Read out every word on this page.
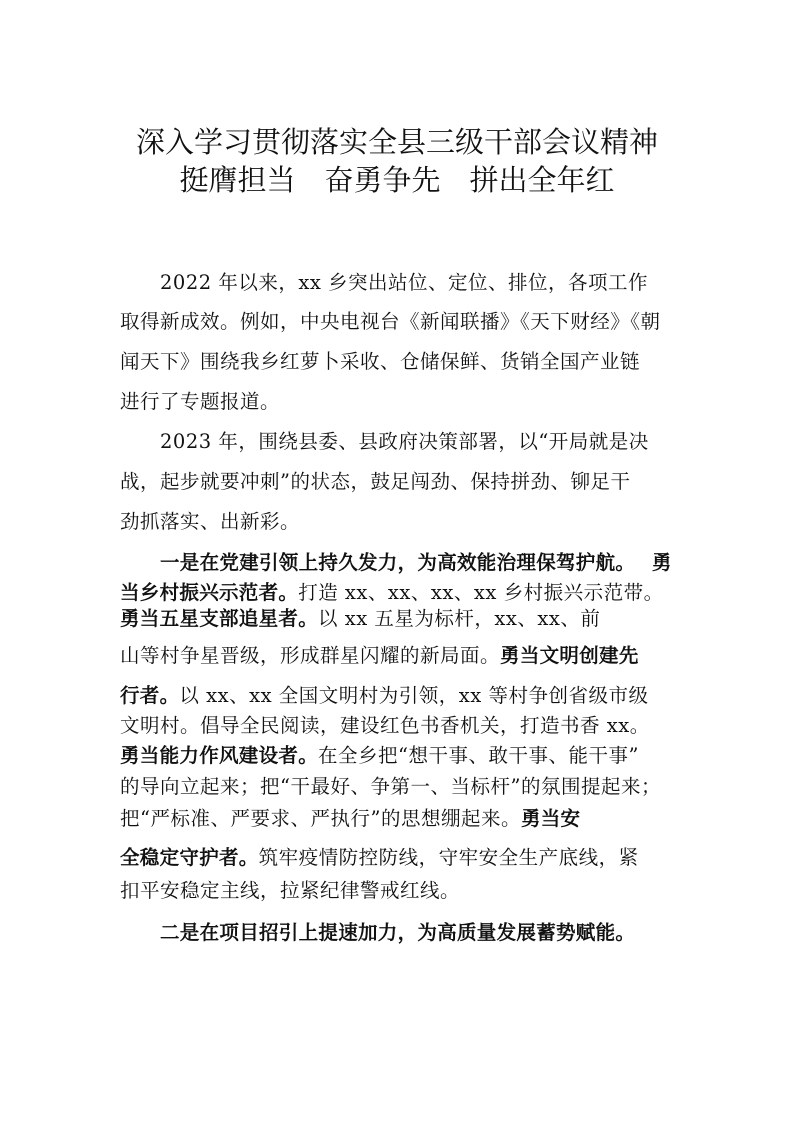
深入学习贯彻落实全县三级干部会议精神
挺膺担当　奋勇争先　拼出全年红
2022 年以来，xx 乡突出站位、定位、排位，各项工作
取得新成效。例如，中央电视台《新闻联播》《天下财经》《朝
闻天下》围绕我乡红萝卜采收、仓储保鲜、货销全国产业链
进行了专题报道。
2023 年，围绕县委、县政府决策部署，以“开局就是决
战，起步就要冲刺”的状态，鼓足闯劲、保持拼劲、铆足干
劲抓落实、出新彩。
一是在党建引领上持久发力，为高效能治理保驾护航。 勇
当乡村振兴示范者。打造 xx、xx、xx、xx 乡村振兴示范带。
勇当五星支部追星者。以 xx 五星为标杆，xx、xx、前
山等村争星晋级，形成群星闪耀的新局面。勇当文明创建先
行者。以 xx、xx 全国文明村为引领，xx 等村争创省级市级
文明村。倡导全民阅读，建设红色书香机关，打造书香 xx。
勇当能力作风建设者。在全乡把“想干事、敢干事、能干事”
的导向立起来；把“干最好、争第一、当标杆”的氛围提起来；
把“严标准、严要求、严执行”的思想绷起来。勇当安
全稳定守护者。筑牢疫情防控防线，守牢安全生产底线，紧
扣平安稳定主线，拉紧纪律警戒红线。
二是在项目招引上提速加力，为高质量发展蓄势赋能。
